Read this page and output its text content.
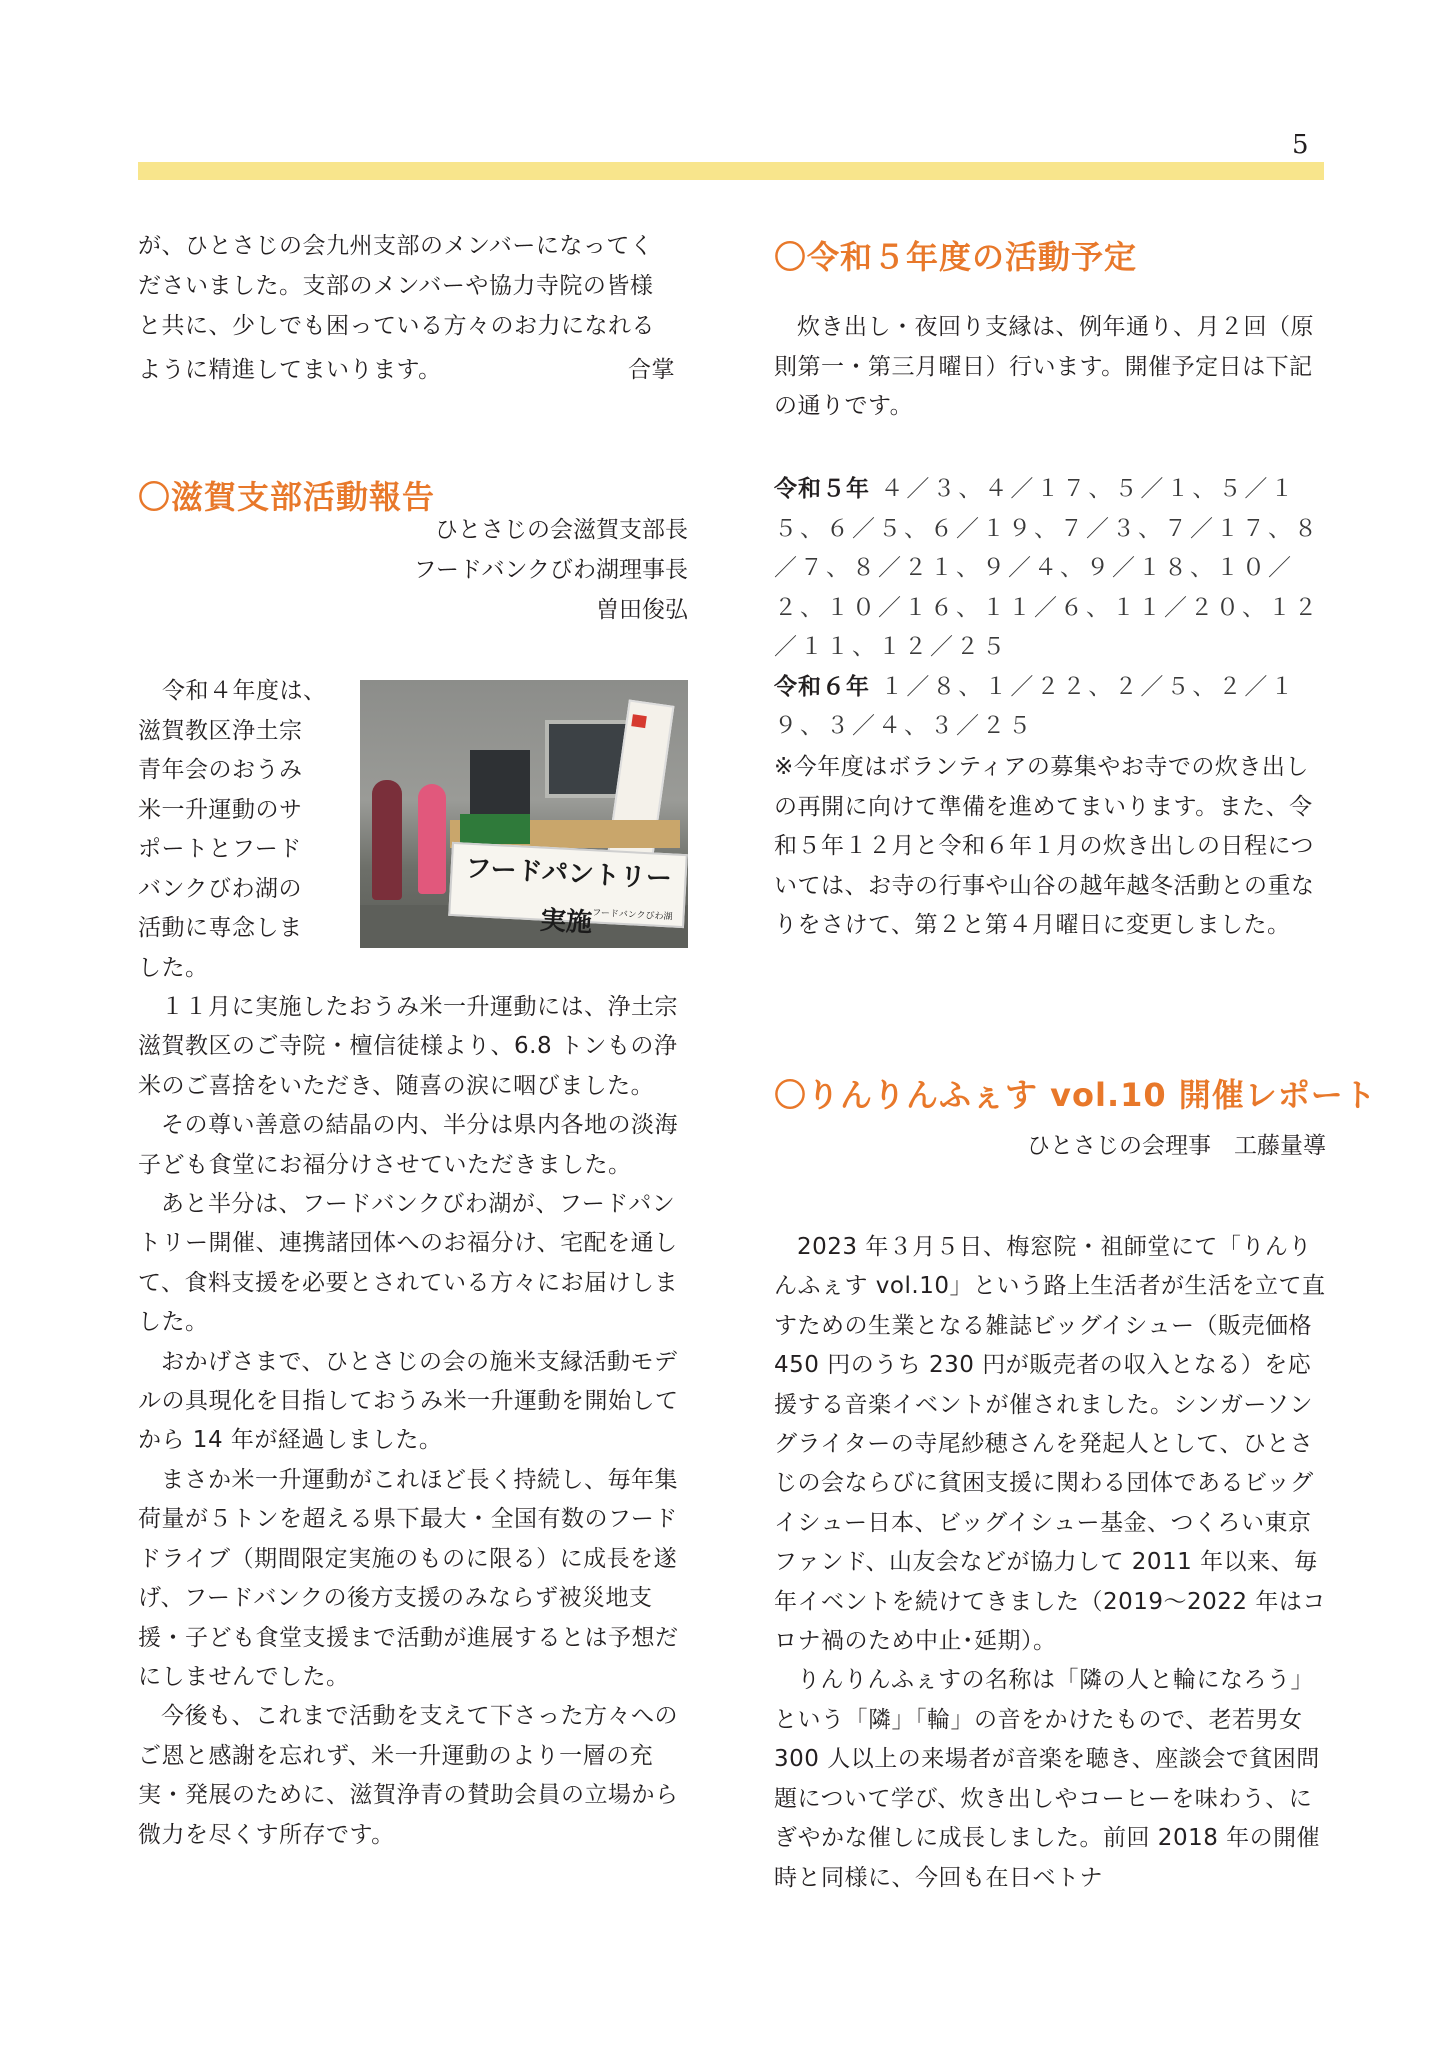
5

が、ひとさじの会九州支部のメンバーになってく

ださいました。支部のメンバーや協力寺院の皆様

と共に、少しでも困っている方々のお力になれる

ように精進してまいります。	合掌

〇滋賀支部活動報告
ひとさじの会滋賀支部長
フードバンクびわ湖理事長
曽田俊弘

令和４年度は、

滋賀教区浄土宗

青年会のおうみ

米一升運動のサ

ポートとフード

バンクびわ湖の

活動に専念しま

した。

フードパントリー実施 フードバンクびわ湖

１１月に実施したおうみ米一升運動には、浄土宗滋賀教区のご寺院・檀信徒様より、6.8 トンもの浄米のご喜捨をいただき、随喜の涙に咽びました。

その尊い善意の結晶の内、半分は県内各地の淡海子ども食堂にお福分けさせていただきました。

あと半分は、フードバンクびわ湖が、フードパントリー開催、連携諸団体へのお福分け、宅配を通して、食料支援を必要とされている方々にお届けしました。

おかげさまで、ひとさじの会の施米支縁活動モデルの具現化を目指しておうみ米一升運動を開始してから 14 年が経過しました。

まさか米一升運動がこれほど長く持続し、毎年集荷量が５トンを超える県下最大・全国有数のフードドライブ（期間限定実施のものに限る）に成長を遂げ、フードバンクの後方支援のみならず被災地支援・子ども食堂支援まで活動が進展するとは予想だにしませんでした。

今後も、これまで活動を支えて下さった方々へのご恩と感謝を忘れず、米一升運動のより一層の充実・発展のために、滋賀浄青の賛助会員の立場から微力を尽くす所存です。

〇令和５年度の活動予定

炊き出し・夜回り支縁は、例年通り、月２回（原則第一・第三月曜日）行います。開催予定日は下記の通りです。

令和５年 ４／３、４／１７、５／１、５／１５、６／５、６／１９、７／３、７／１７、８／７、８／２１、９／４、９／１８、１０／２、１０／１６、１１／６、１１／２０、１２／１１、１２／２５

令和６年 １／８、１／２２、２／５、２／１９、３／４、３／２５

※今年度はボランティアの募集やお寺での炊き出しの再開に向けて準備を進めてまいります。また、令和５年１２月と令和６年１月の炊き出しの日程については、お寺の行事や山谷の越年越冬活動との重なりをさけて、第２と第４月曜日に変更しました。

〇りんりんふぇす vol.10 開催レポート
ひとさじの会理事　工藤量導

2023 年３月５日、梅窓院・祖師堂にて「りんりんふぇす vol.10」という路上生活者が生活を立て直すための生業となる雑誌ビッグイシュー（販売価格 450 円のうち 230 円が販売者の収入となる）を応援する音楽イベントが催されました。シンガーソングライターの寺尾紗穂さんを発起人として、ひとさじの会ならびに貧困支援に関わる団体であるビッグイシュー日本、ビッグイシュー基金、つくろい東京ファンド、山友会などが協力して 2011 年以来、毎年イベントを続けてきました（2019～2022 年はコロナ禍のため中止･延期）。

りんりんふぇすの名称は「隣の人と輪になろう」という「隣」「輪」の音をかけたもので、老若男女 300 人以上の来場者が音楽を聴き、座談会で貧困問題について学び、炊き出しやコーヒーを味わう、にぎやかな催しに成長しました。前回 2018 年の開催時と同様に、今回も在日ベトナ
